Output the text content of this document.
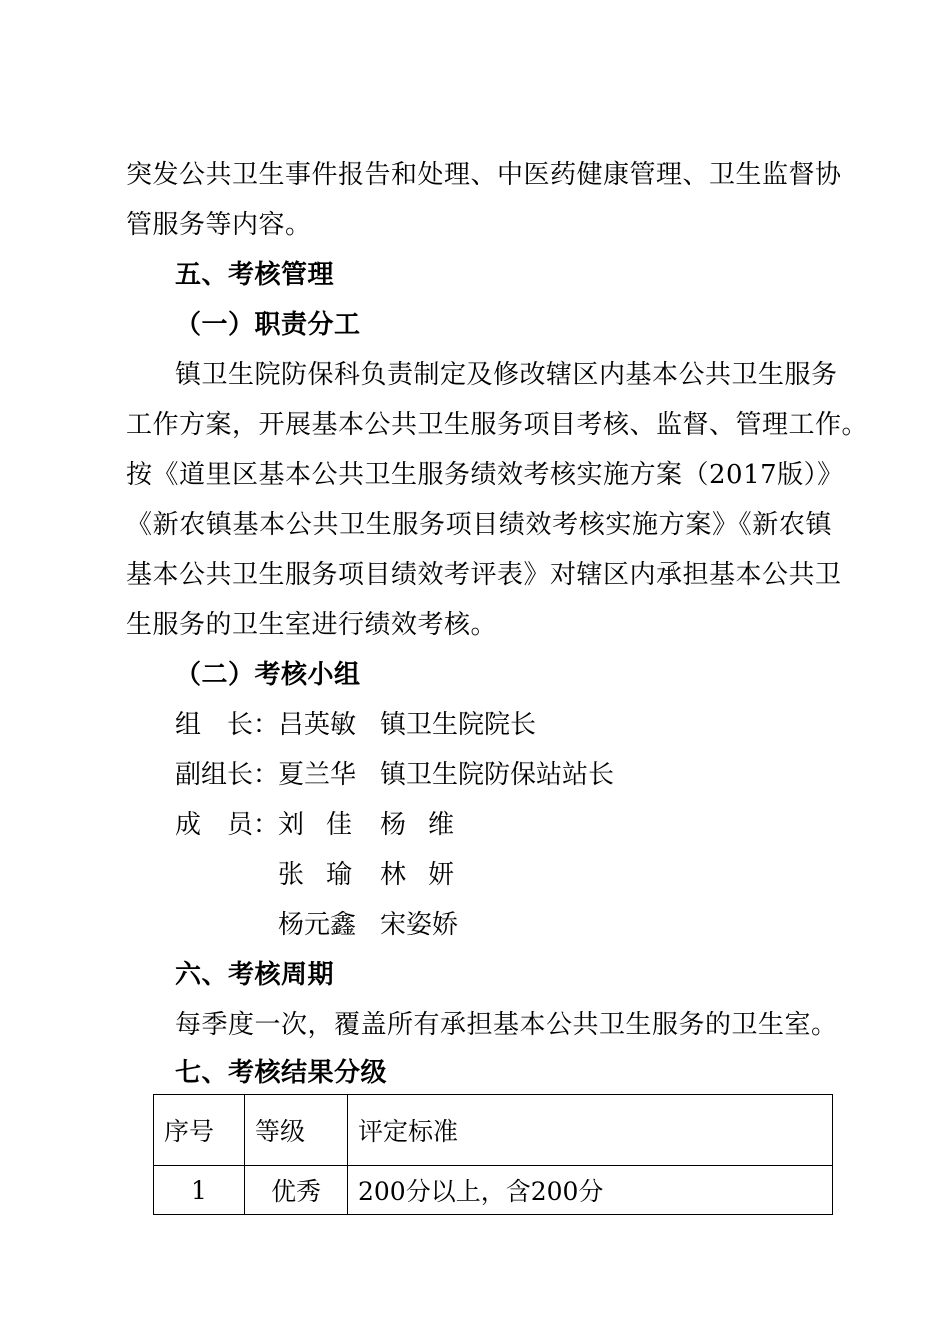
突发公共卫生事件报告和处理、中医药健康管理、卫生监督协
管服务等内容。
五、考核管理
（一）职责分工
镇卫生院防保科负责制定及修改辖区内基本公共卫生服务
工作方案，开展基本公共卫生服务项目考核、监督、管理工作。
按《道里区基本公共卫生服务绩效考核实施方案（2017版）》
《新农镇基本公共卫生服务项目绩效考核实施方案》《新农镇
基本公共卫生服务项目绩效考评表》对辖区内承担基本公共卫
生服务的卫生室进行绩效考核。
（二）考核小组
组　长：
吕英敏 镇卫生院院长
副组长：
夏兰华 镇卫生院防保站站长
成　员：
刘佳 杨维
张瑜 林妍
杨元鑫 宋姿娇
六、考核周期
每季度一次，覆盖所有承担基本公共卫生服务的卫生室。
七、考核结果分级
序号	等级	评定标准
1	优秀	200分以上，含200分
